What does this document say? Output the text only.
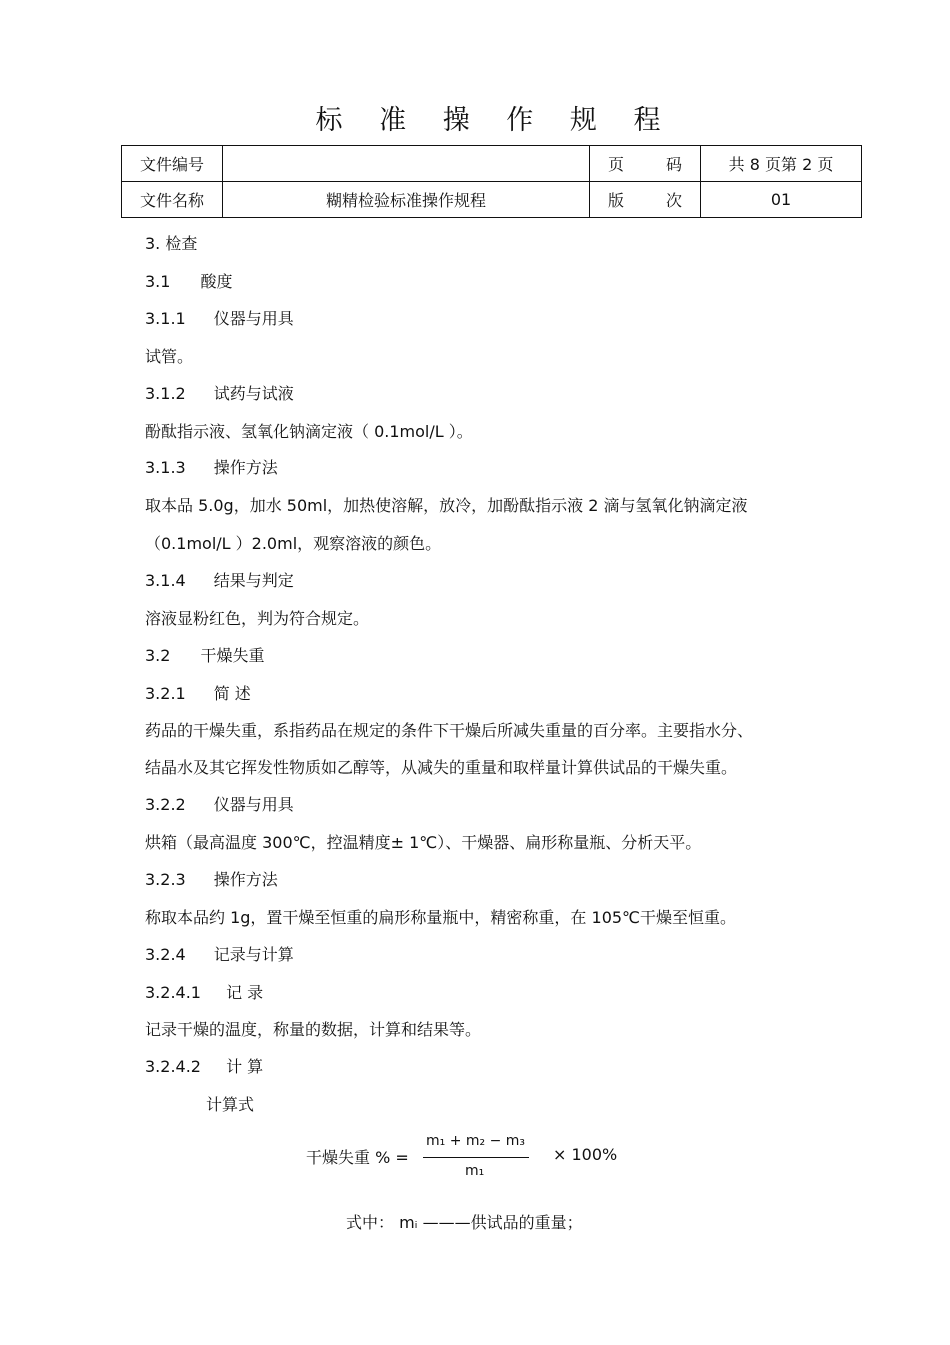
标 准 操 作 规 程
文件编号		页 码	共 8 页第 2 页
文件名称	糊精检验标准操作规程	版 次	01
3. 检查
3.1 酸度
3.1.1 仪器与用具
试管。
3.1.2 试药与试液
酚酞指示液、氢氧化钠滴定液（ 0.1mol/L ）。
3.1.3 操作方法
取本品 5.0g，加水 50ml，加热使溶解，放冷，加酚酞指示液 2 滴与氢氧化钠滴定液
（0.1mol/L ）2.0ml，观察溶液的颜色。
3.1.4 结果与判定
溶液显粉红色，判为符合规定。
3.2 干燥失重
3.2.1 简 述
药品的干燥失重，系指药品在规定的条件下干燥后所减失重量的百分率。主要指水分、
结晶水及其它挥发性物质如乙醇等，从减失的重量和取样量计算供试品的干燥失重。
3.2.2 仪器与用具
烘箱（最高温度 300℃，控温精度± 1℃）、干燥器、扁形称量瓶、分析天平。
3.2.3 操作方法
称取本品约 1g，置干燥至恒重的扁形称量瓶中，精密称重，在 105℃干燥至恒重。
3.2.4 记录与计算
3.2.4.1 记 录
记录干燥的温度，称量的数据，计算和结果等。
3.2.4.2 计 算
计算式
干燥失重 % =
m₁ + m₂ − m₃
m₁
× 100%
式中： mᵢ ———供试品的重量；
